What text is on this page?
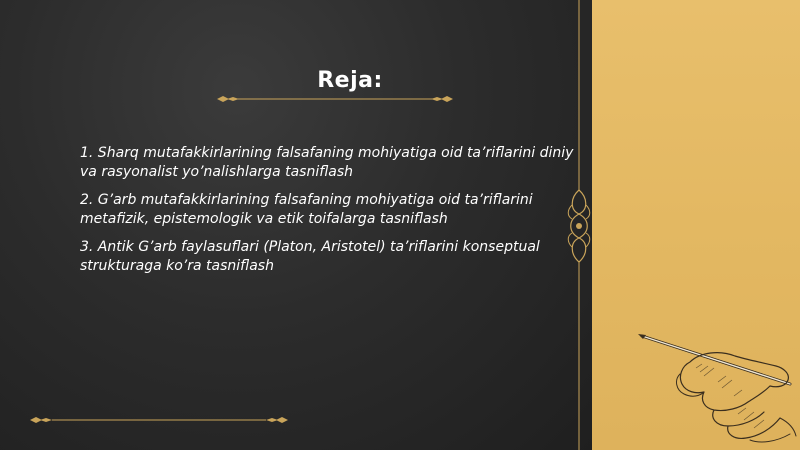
Reja:

1. Sharq mutafakkirlarining falsafaning mohiyatiga oid ta’riflarini diniy va rasyonalist yo’nalishlarga tasniflash

2. G’arb mutafakkirlarining falsafaning mohiyatiga oid ta’riflarini metafizik, epistemologik va etik toifalarga tasniflash

3. Antik G’arb faylasuflari (Platon, Aristotel) ta’riflarini konseptual strukturaga ko’ra tasniflash
